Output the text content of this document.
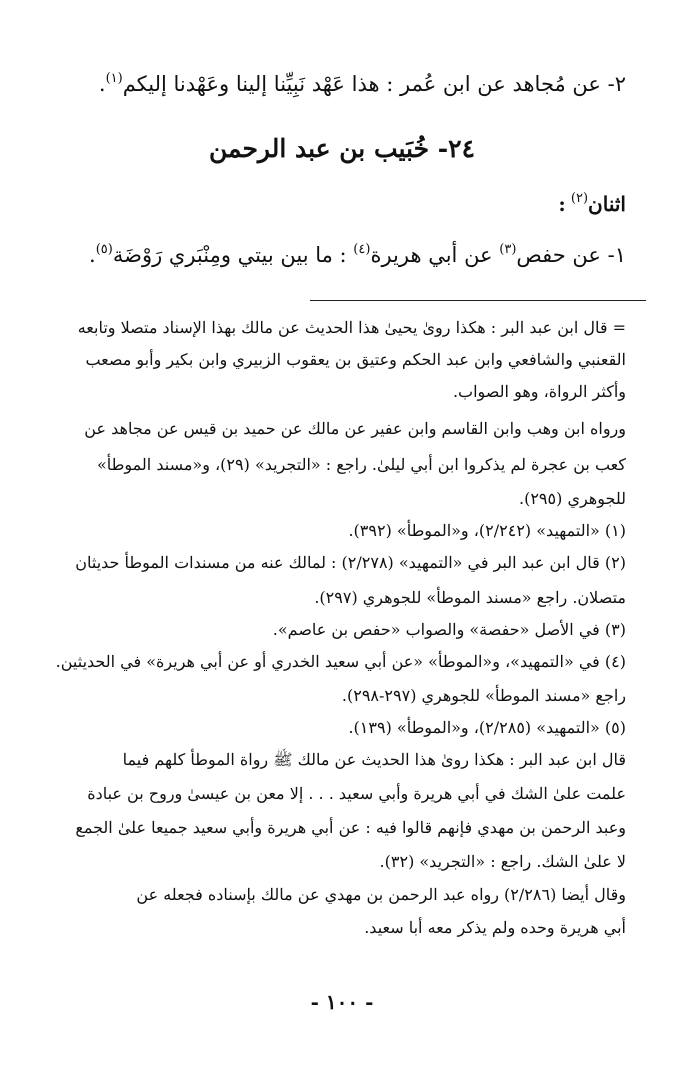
٢- عن مُجاهد عن ابن عُمر : هذا عَهْد نَبِيِّنا إلينا وعَهْدنا إليكم$^{(١)}$.
٢٤- خُبَيب بن عبد الرحمن
اثنان$^{(٢)}$ :
١- عن حفص$^{(٣)}$ عن أبي هريرة$^{(٤)}$ : ما بين بيتي ومِنْبَري رَوْضَة$^{(٥)}$.
= قال ابن عبد البر : هكذا روىٰ يحيىٰ هذا الحديث عن مالك بهذا الإسناد متصلا وتابعه
القعنبي والشافعي وابن عبد الحكم وعتيق بن يعقوب الزبيري وابن بكير وأبو مصعب
وأكثر الرواة، وهو الصواب.
ورواه ابن وهب وابن القاسم وابن عفير عن مالك عن حميد بن قيس عن مجاهد عن
كعب بن عجرة لم يذكروا ابن أبي ليلىٰ. راجع : «التجريد» (٢٩)، و«مسند الموطأ»
للجوهري (٢٩٥).
(١) «التمهيد» (٢/٢٤٢)، و«الموطأ» (٣٩٢).
(٢) قال ابن عبد البر في «التمهيد» (٢/٢٧٨) : لمالك عنه من مسندات الموطأ حديثان
متصلان. راجع «مسند الموطأ» للجوهري (٢٩٧).
(٣) في الأصل «حفصة» والصواب «حفص بن عاصم».
(٤) في «التمهيد»، و«الموطأ» «عن أبي سعيد الخدري أو عن أبي هريرة» في الحديثين.
راجع «مسند الموطأ» للجوهري (٢٩٧-٢٩٨).
(٥) «التمهيد» (٢/٢٨٥)، و«الموطأ» (١٣٩).
قال ابن عبد البر : هكذا روىٰ هذا الحديث عن مالك ﷺ رواة الموطأ كلهم فيما
علمت علىٰ الشك في أبي هريرة وأبي سعيد . . . إلا معن بن عيسىٰ وروح بن عبادة
وعبد الرحمن بن مهدي فإنهم قالوا فيه : عن أبي هريرة وأبي سعيد جميعا علىٰ الجمع
لا علىٰ الشك. راجع : «التجريد» (٣٢).
وقال أيضا (٢/٢٨٦) رواه عبد الرحمن بن مهدي عن مالك بإسناده فجعله عن
أبي هريرة وحده ولم يذكر معه أبا سعيد.
- ١٠٠ -
